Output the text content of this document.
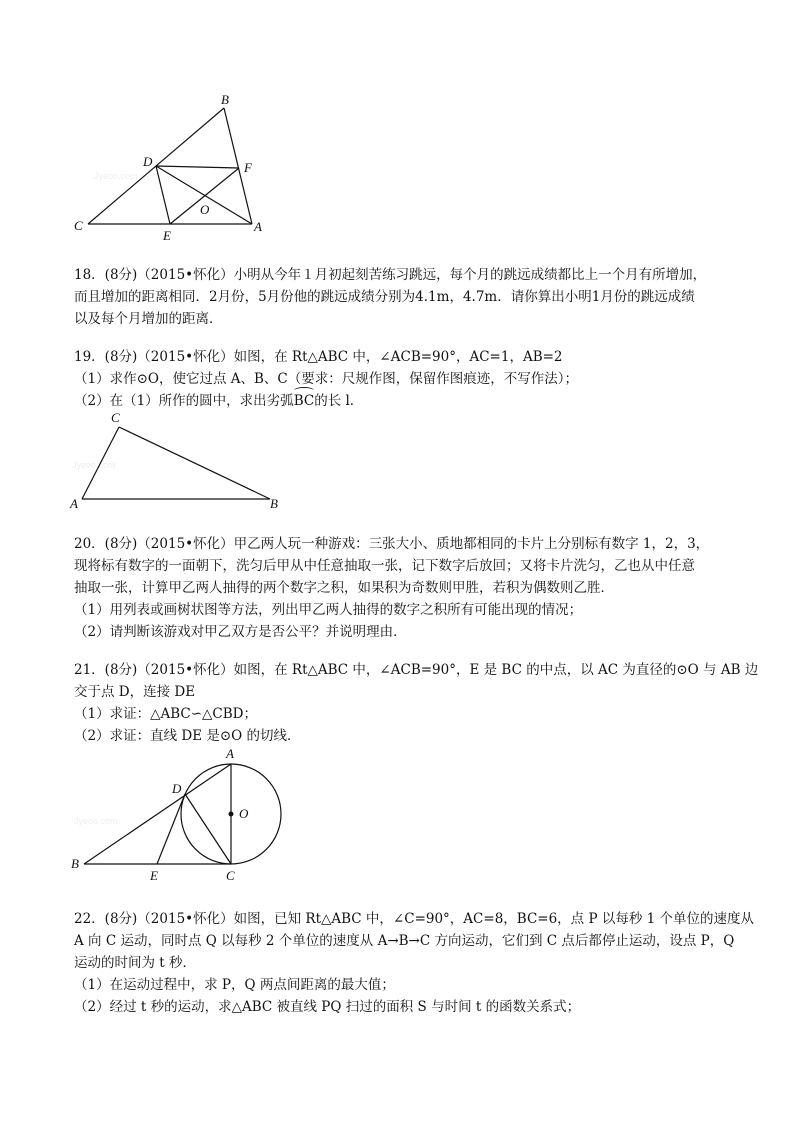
Jyeoo.com
B
D	F
O
C
E
A
18．(8分)（2015•怀化）小明从今年１月初起刻苦练习跳远，每个月的跳远成绩都比上一个月有所增加，
而且增加的距离相同．2月份，5月份他的跳远成绩分别为4.1m，4.7m．请你算出小明1月份的跳远成绩
以及每个月增加的距离．
19．(8分)（2015•怀化）如图，在 Rt△ABC 中，∠ACB=90°，AC=1，AB=2
（1）求作⊙O，使它过点 A、B、C（要求：尺规作图，保留作图痕迹，不写作法）；
（2）在（1）所作的圆中，求出劣弧BC的长 l．
Jyeoo.com
C
A	B
20．(8分)（2015•怀化）甲乙两人玩一种游戏：三张大小、质地都相同的卡片上分别标有数字 1，2，3，
现将标有数字的一面朝下，洗匀后甲从中任意抽取一张，记下数字后放回；又将卡片洗匀，乙也从中任意
抽取一张，计算甲乙两人抽得的两个数字之积，如果积为奇数则甲胜，若积为偶数则乙胜．
（1）用列表或画树状图等方法，列出甲乙两人抽得的数字之积所有可能出现的情况；
（2）请判断该游戏对甲乙双方是否公平？并说明理由．
21．(8分)（2015•怀化）如图，在 Rt△ABC 中，∠ACB=90°，E 是 BC 的中点，以 AC 为直径的⊙O 与 AB 边
交于点 D，连接 DE
（1）求证：△ABC∽△CBD；
（2）求证：直线 DE 是⊙O 的切线．
Jyeoo.com
A
D
O
B
E	C
22．(8分)（2015•怀化）如图，已知 Rt△ABC 中，∠C=90°，AC=8，BC=6，点 P 以每秒 1 个单位的速度从
A 向 C 运动，同时点 Q 以每秒 2 个单位的速度从 A→B→C 方向运动，它们到 C 点后都停止运动，设点 P，Q
运动的时间为 t 秒．
（1）在运动过程中，求 P，Q 两点间距离的最大值；
（2）经过 t 秒的运动，求△ABC 被直线 PQ 扫过的面积 S 与时间 t 的函数关系式；
